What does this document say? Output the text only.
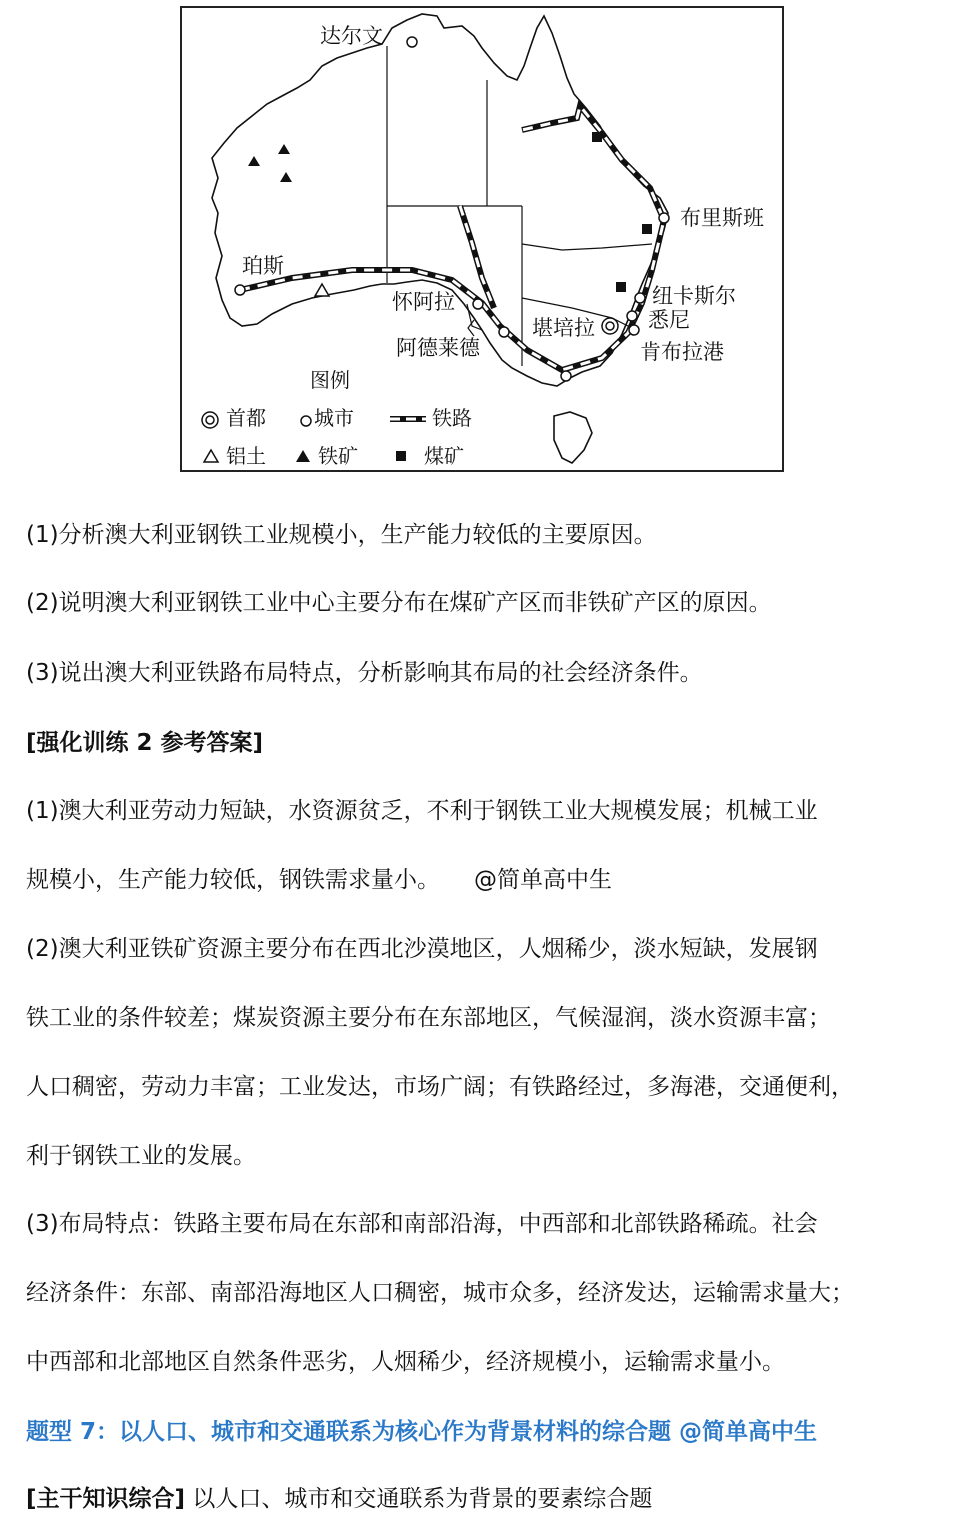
达尔文
珀斯
布里斯班
纽卡斯尔
悉尼
肯布拉港
堪培拉
怀阿拉
阿德莱德
图例
首都 城市	铁路
铝土	铁矿	煤矿
(1)分析澳大利亚钢铁工业规模小，生产能力较低的主要原因。
(2)说明澳大利亚钢铁工业中心主要分布在煤矿产区而非铁矿产区的原因。
(3)说出澳大利亚铁路布局特点，分析影响其布局的社会经济条件。
[强化训练 2 参考答案]
(1)澳大利亚劳动力短缺，水资源贫乏，不利于钢铁工业大规模发展；机械工业
规模小，生产能力较低，钢铁需求量小。 @简单高中生
(2)澳大利亚铁矿资源主要分布在西北沙漠地区，人烟稀少，淡水短缺，发展钢
铁工业的条件较差；煤炭资源主要分布在东部地区，气候湿润，淡水资源丰富；
人口稠密，劳动力丰富；工业发达，市场广阔；有铁路经过，多海港，交通便利，
利于钢铁工业的发展。
(3)布局特点：铁路主要布局在东部和南部沿海，中西部和北部铁路稀疏。社会
经济条件：东部、南部沿海地区人口稠密，城市众多，经济发达，运输需求量大；
中西部和北部地区自然条件恶劣，人烟稀少，经济规模小，运输需求量小。
题型 7：以人口、城市和交通联系为核心作为背景材料的综合题 @简单高中生
[主干知识综合] 以人口、城市和交通联系为背景的要素综合题
